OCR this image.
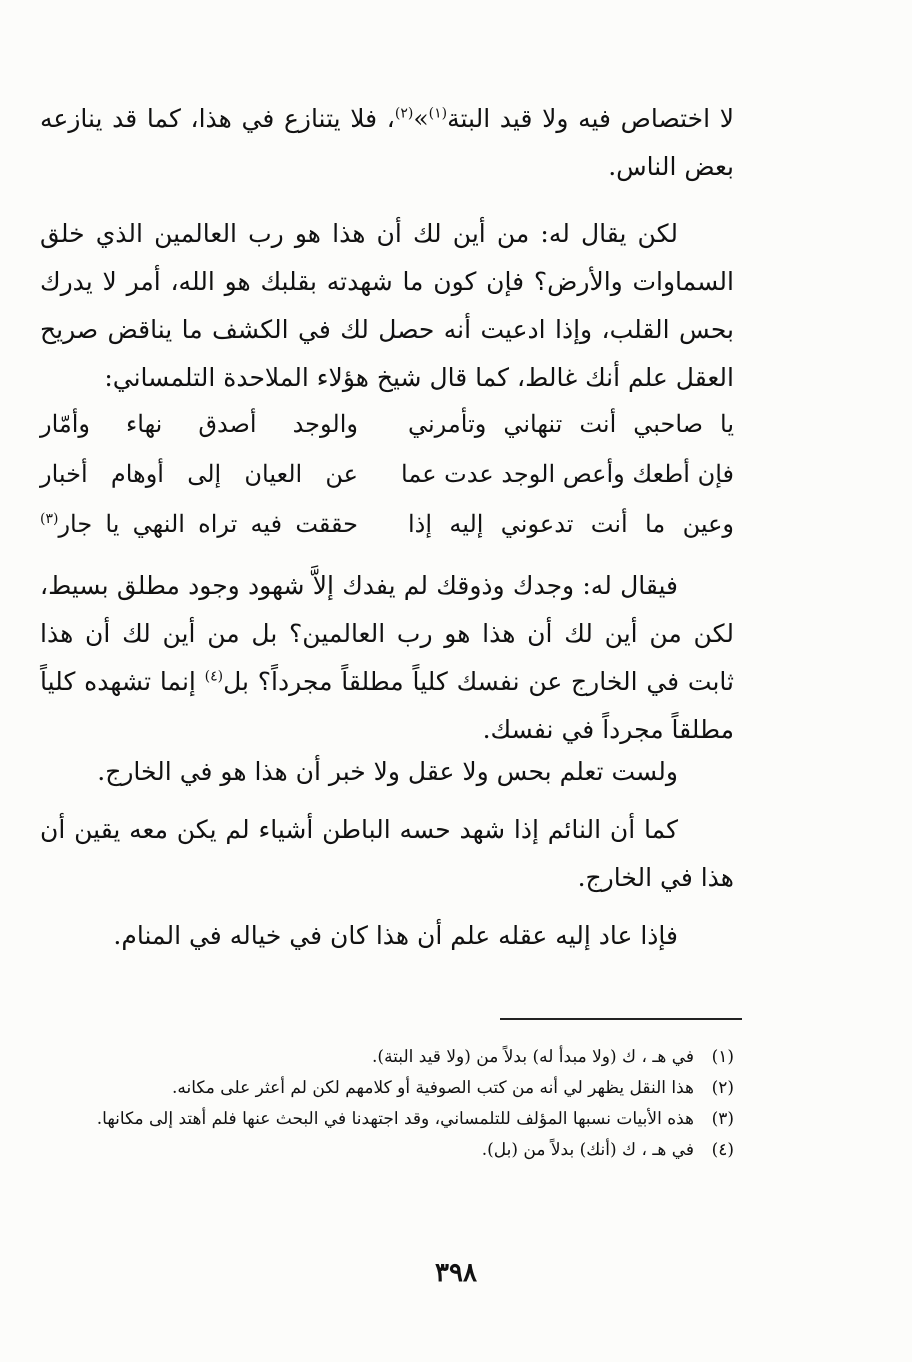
لا اختصاص فيه ولا قيد البتة$^{(١)}$»$^{(٢)}$، فلا يتنازع في هذا، كما قد ينازعه بعض الناس.

لكن يقال له: من أين لك أن هذا هو رب العالمين الذي خلق السماوات والأرض؟ فإن كون ما شهدته بقلبك هو الله، أمر لا يدرك بحس القلب، وإذا ادعيت أنه حصل لك في الكشف ما يناقض صريح العقل علم أنك غالط، كما قال شيخ هؤلاء الملاحدة التلمساني:

يا صاحبي أنت تنهاني وتأمرني
والوجد أصدق نهاء وأمّار
فإن أطعك وأعص الوجد عدت عما
عن العيان إلى أوهام أخبار
وعين ما أنت تدعوني إليه إذا
حققت فيه تراه النهي يا جار$^{(٣)}$

فيقال له: وجدك وذوقك لم يفدك إلاَّ شهود وجود مطلق بسيط، لكن من أين لك أن هذا هو رب العالمين؟ بل من أين لك أن هذا ثابت في الخارج عن نفسك كلياً مطلقاً مجرداً؟ بل$^{(٤)}$ إنما تشهده كلياً مطلقاً مجرداً في نفسك.

ولست تعلم بحس ولا عقل ولا خبر أن هذا هو في الخارج.

كما أن النائم إذا شهد حسه الباطن أشياء لم يكن معه يقين أن هذا في الخارج.

فإذا عاد إليه عقله علم أن هذا كان في خياله في المنام.

(١)
في هـ ، ك (ولا مبدأ له) بدلاً من (ولا قيد البتة).
(٢)
هذا النقل يظهر لي أنه من كتب الصوفية أو كلامهم لكن لم أعثر على مكانه.
(٣)
هذه الأبيات نسبها المؤلف للتلمساني، وقد اجتهدنا في البحث عنها فلم أهتد إلى مكانها.
(٤)
في هـ ، ك (أنك) بدلاً من (بل).
٣٩٨
